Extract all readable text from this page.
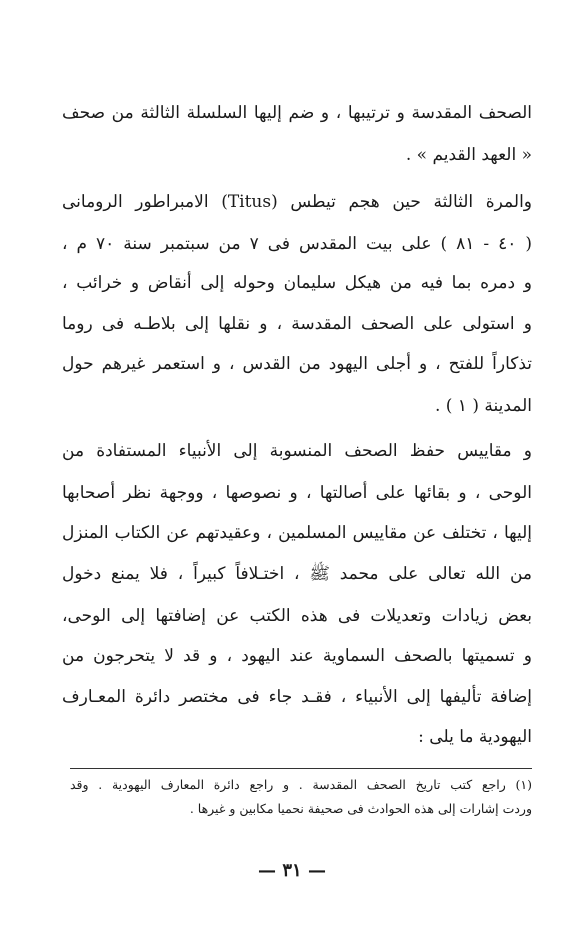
الصحف المقدسة و ترتيبها ، و ضم إليها السلسلة الثالثة من صحف
« العهد القديم » .
والمرة الثالثة حين هجم تيطس (Titus) الامبراطور الرومانى
( ٤٠ - ٨١ ) على بيت المقدس فى ٧ من سبتمبر سنة ٧٠ م ،
و دمره بما فيه من هيكل سليمان وحوله إلى أنقاض و خرائب ،
و استولى على الصحف المقدسة ، و نقلها إلى بلاطـه فى روما
تذكاراً للفتح ، و أجلى اليهود من القدس ، و استعمر غيرهم حول
المدينة ( ١ ) .
و مقاييس حفظ الصحف المنسوبة إلى الأنبياء المستفادة من
الوحى ، و بقائها على أصالتها ، و نصوصها ، ووجهة نظر أصحابها
إليها ، تختلف عن مقاييس المسلمين ، وعقيدتهم عن الكتاب المنزل
من الله تعالى على محمد ﷺ ، اختـلافاً كبيراً ، فلا يمنع دخول
بعض زيادات وتعديلات فى هذه الكتب عن إضافتها إلى الوحى،
و تسميتها بالصحف السماوية عند اليهود ، و قد لا يتحرجون من
إضافة تأليفها إلى الأنبياء ، فقـد جاء فى مختصر دائرة المعـارف
اليهودية ما يلى :
(١) راجع كتب تاريخ الصحف المقدسة . و راجع دائرة المعارف اليهودية . وقد
وردت إشارات إلى هذه الحوادث فى صحيفة نحميا مكابين و غيرها .
— ٣١ —
